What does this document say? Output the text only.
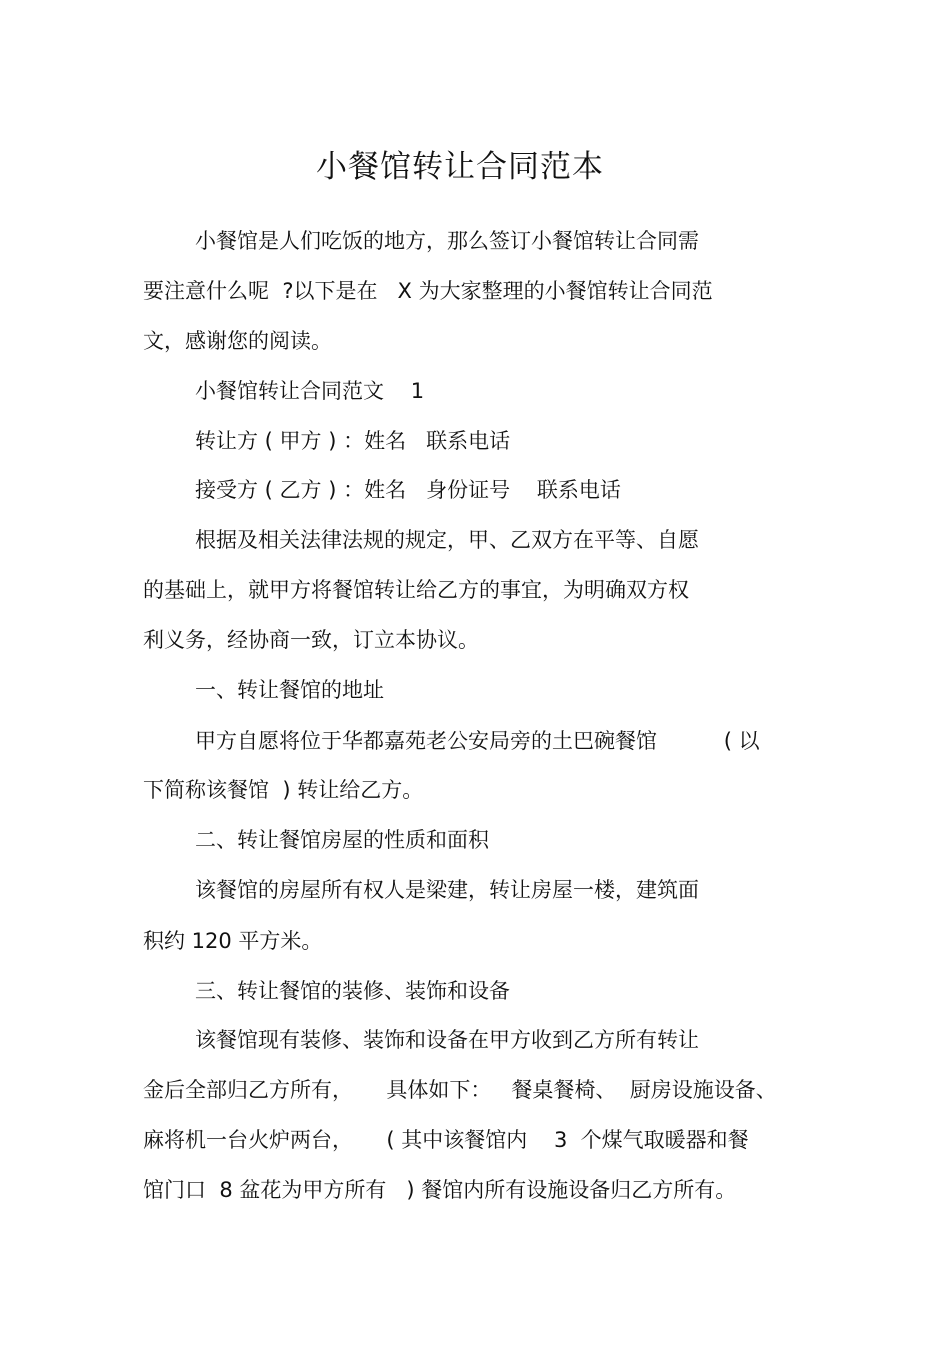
小餐馆转让合同范本
小餐馆是人们吃饭的地方，那么签订小餐馆转让合同需
要注意什么呢  ?以下是在   X 为大家整理的小餐馆转让合同范
文，感谢您的阅读。
小餐馆转让合同范文    1
转让方 ( 甲方 ) ：姓名   联系电话
接受方 ( 乙方 ) ：姓名   身份证号    联系电话
根据及相关法律法规的规定，甲、乙双方在平等、自愿
的基础上，就甲方将餐馆转让给乙方的事宜，为明确双方权
利义务，经协商一致，订立本协议。
一、转让餐馆的地址
甲方自愿将位于华都嘉苑老公安局旁的土巴碗餐馆          ( 以
下简称该餐馆  ) 转让给乙方。
二、转让餐馆房屋的性质和面积
该餐馆的房屋所有权人是梁建，转让房屋一楼，建筑面
积约 120 平方米。
三、转让餐馆的装修、装饰和设备
该餐馆现有装修、装饰和设备在甲方收到乙方所有转让
金后全部归乙方所有，     具体如下：   餐桌餐椅、  厨房设施设备、
麻将机一台火炉两台，     ( 其中该餐馆内    3  个煤气取暖器和餐
馆门口  8 盆花为甲方所有   ) 餐馆内所有设施设备归乙方所有。
